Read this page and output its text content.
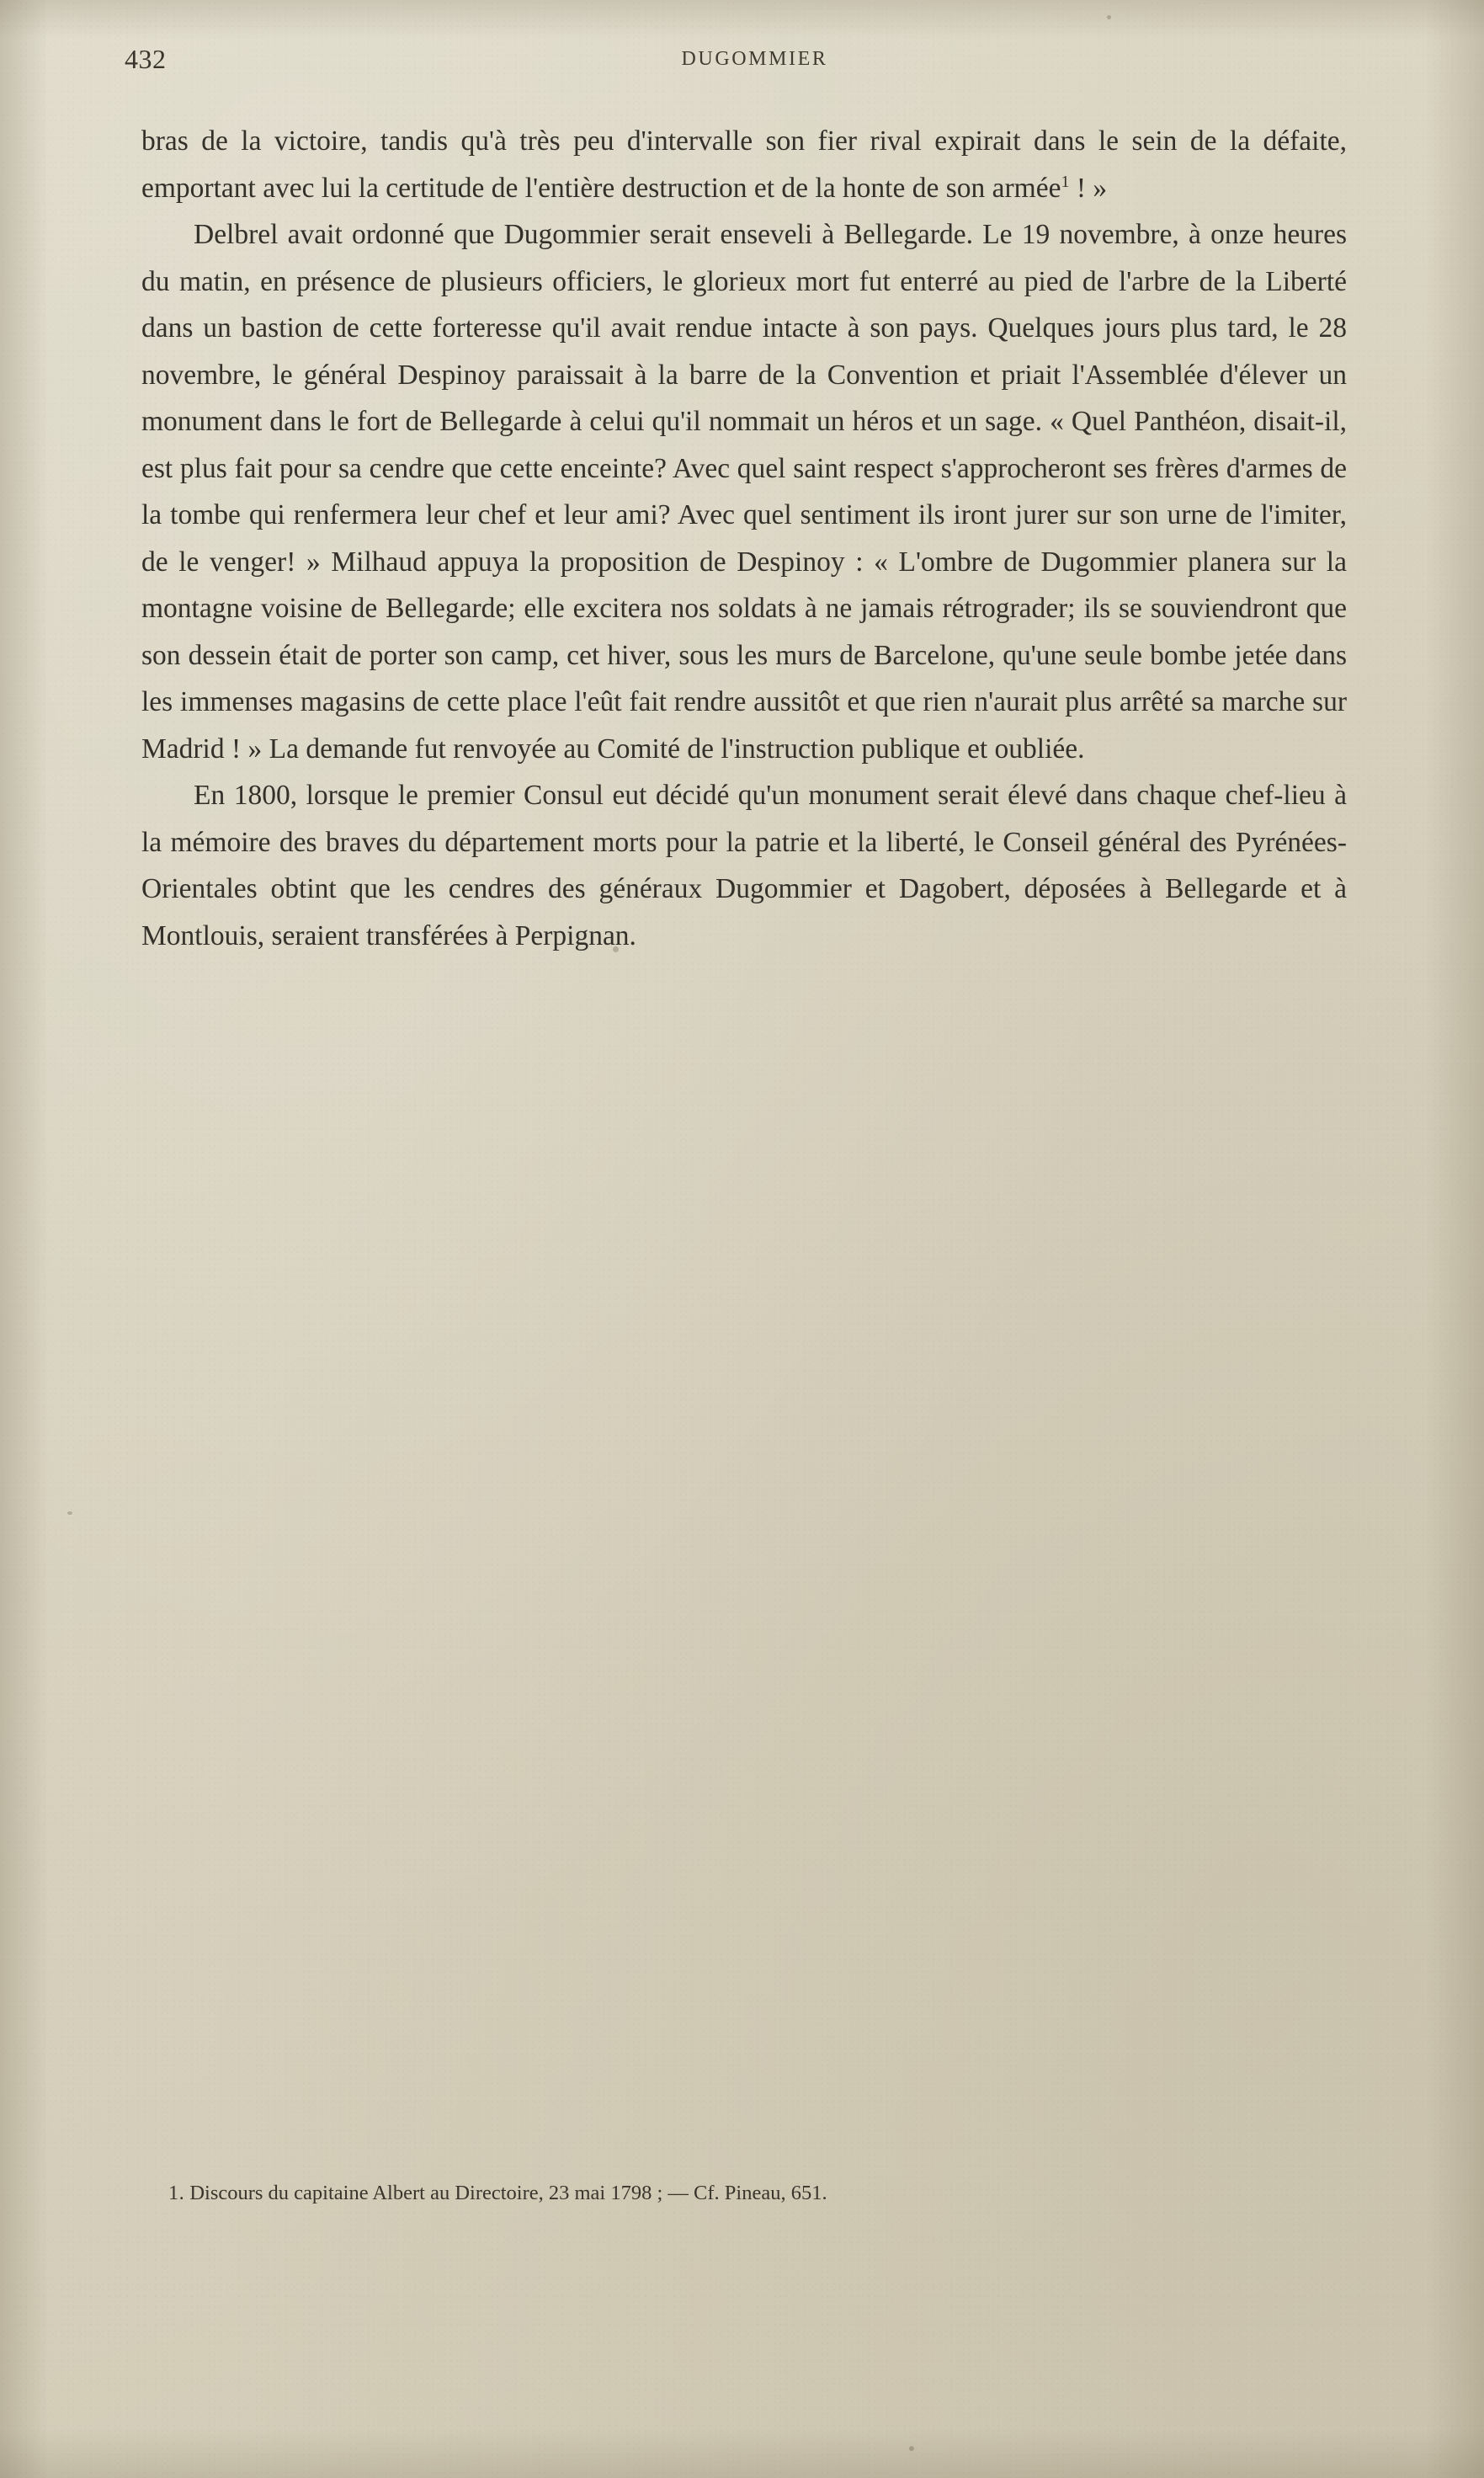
432	DUGOMMIER

bras de la victoire, tandis qu'à très peu d'intervalle son fier rival expirait dans le sein de la défaite, emportant avec lui la certitude de l'entière destruction et de la honte de son armée$^1$ ! »

Delbrel avait ordonné que Dugommier serait enseveli à Bellegarde. Le 19 novembre, à onze heures du matin, en présence de plusieurs officiers, le glorieux mort fut enterré au pied de l'arbre de la Liberté dans un bastion de cette forteresse qu'il avait rendue intacte à son pays. Quelques jours plus tard, le 28 novembre, le général Despinoy paraissait à la barre de la Convention et priait l'Assemblée d'élever un monument dans le fort de Bellegarde à celui qu'il nommait un héros et un sage. « Quel Panthéon, disait-il, est plus fait pour sa cendre que cette enceinte? Avec quel saint respect s'approcheront ses frères d'armes de la tombe qui renfermera leur chef et leur ami? Avec quel sentiment ils iront jurer sur son urne de l'imiter, de le venger! » Milhaud appuya la proposition de Despinoy : « L'ombre de Dugommier planera sur la montagne voisine de Bellegarde; elle excitera nos soldats à ne jamais rétrograder; ils se souviendront que son dessein était de porter son camp, cet hiver, sous les murs de Barcelone, qu'une seule bombe jetée dans les immenses magasins de cette place l'eût fait rendre aussitôt et que rien n'aurait plus arrêté sa marche sur Madrid ! » La demande fut renvoyée au Comité de l'instruction publique et oubliée.

En 1800, lorsque le premier Consul eut décidé qu'un monument serait élevé dans chaque chef-lieu à la mémoire des braves du département morts pour la patrie et la liberté, le Conseil général des Pyrénées-Orientales obtint que les cendres des généraux Dugommier et Dagobert, déposées à Bellegarde et à Montlouis, seraient transférées à Perpignan.

1. Discours du capitaine Albert au Directoire, 23 mai 1798 ; — Cf. Pineau, 651.
